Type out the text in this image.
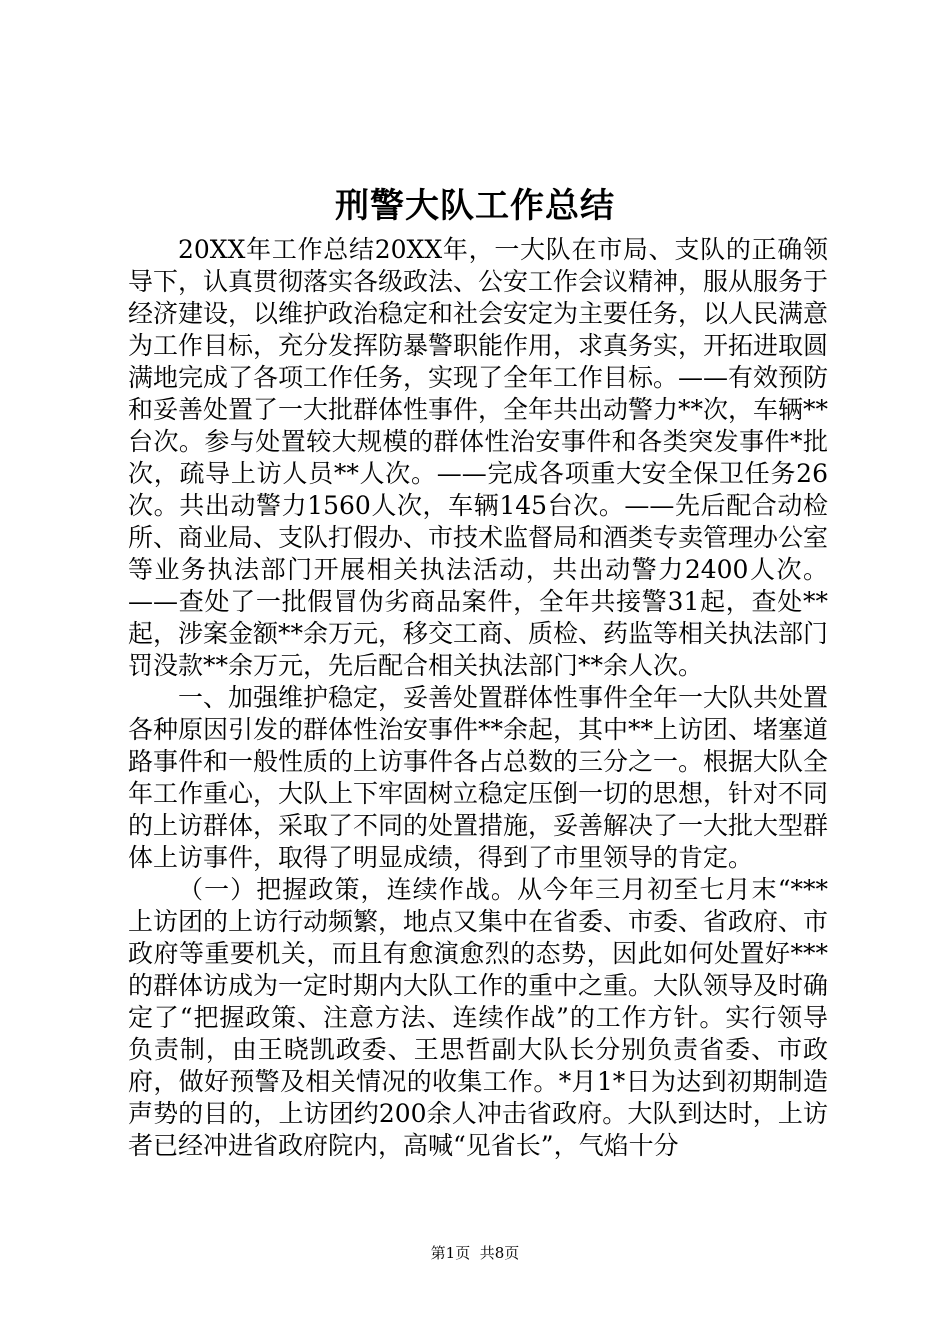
刑警大队工作总结

20XX年工作总结20XX年，一大队在市局、支队的正确领导下，认真贯彻落实各级政法、公安工作会议精神，服从服务于经济建设，以维护政治稳定和社会安定为主要任务，以人民满意为工作目标，充分发挥防暴警职能作用，求真务实，开拓进取圆满地完成了各项工作任务，实现了全年工作目标。——有效预防和妥善处置了一大批群体性事件，全年共出动警力**次，车辆**台次。参与处置较大规模的群体性治安事件和各类突发事件*批次，疏导上访人员**人次。——完成各项重大安全保卫任务26次。共出动警力1560人次，车辆145台次。——先后配合动检所、商业局、支队打假办、市技术监督局和酒类专卖管理办公室等业务执法部门开展相关执法活动，共出动警力2400人次。——查处了一批假冒伪劣商品案件，全年共接警31起，查处**起，涉案金额**余万元，移交工商、质检、药监等相关执法部门罚没款**余万元，先后配合相关执法部门**余人次。

一、加强维护稳定，妥善处置群体性事件全年一大队共处置各种原因引发的群体性治安事件**余起，其中**上访团、堵塞道路事件和一般性质的上访事件各占总数的三分之一。根据大队全年工作重心，大队上下牢固树立稳定压倒一切的思想，针对不同的上访群体，采取了不同的处置措施，妥善解决了一大批大型群体上访事件，取得了明显成绩，得到了市里领导的肯定。

（一）把握政策，连续作战。从今年三月初至七月末“***上访团的上访行动频繁，地点又集中在省委、市委、省政府、市政府等重要机关，而且有愈演愈烈的态势，因此如何处置好***的群体访成为一定时期内大队工作的重中之重。大队领导及时确定了“把握政策、注意方法、连续作战”的工作方针。实行领导负责制，由王晓凯政委、王思哲副大队长分别负责省委、市政府，做好预警及相关情况的收集工作。*月1*日为达到初期制造声势的目的，上访团约200余人冲击省政府。大队到达时，上访者已经冲进省政府院内，高喊“见省长”，气焰十分

第1页 共8页
